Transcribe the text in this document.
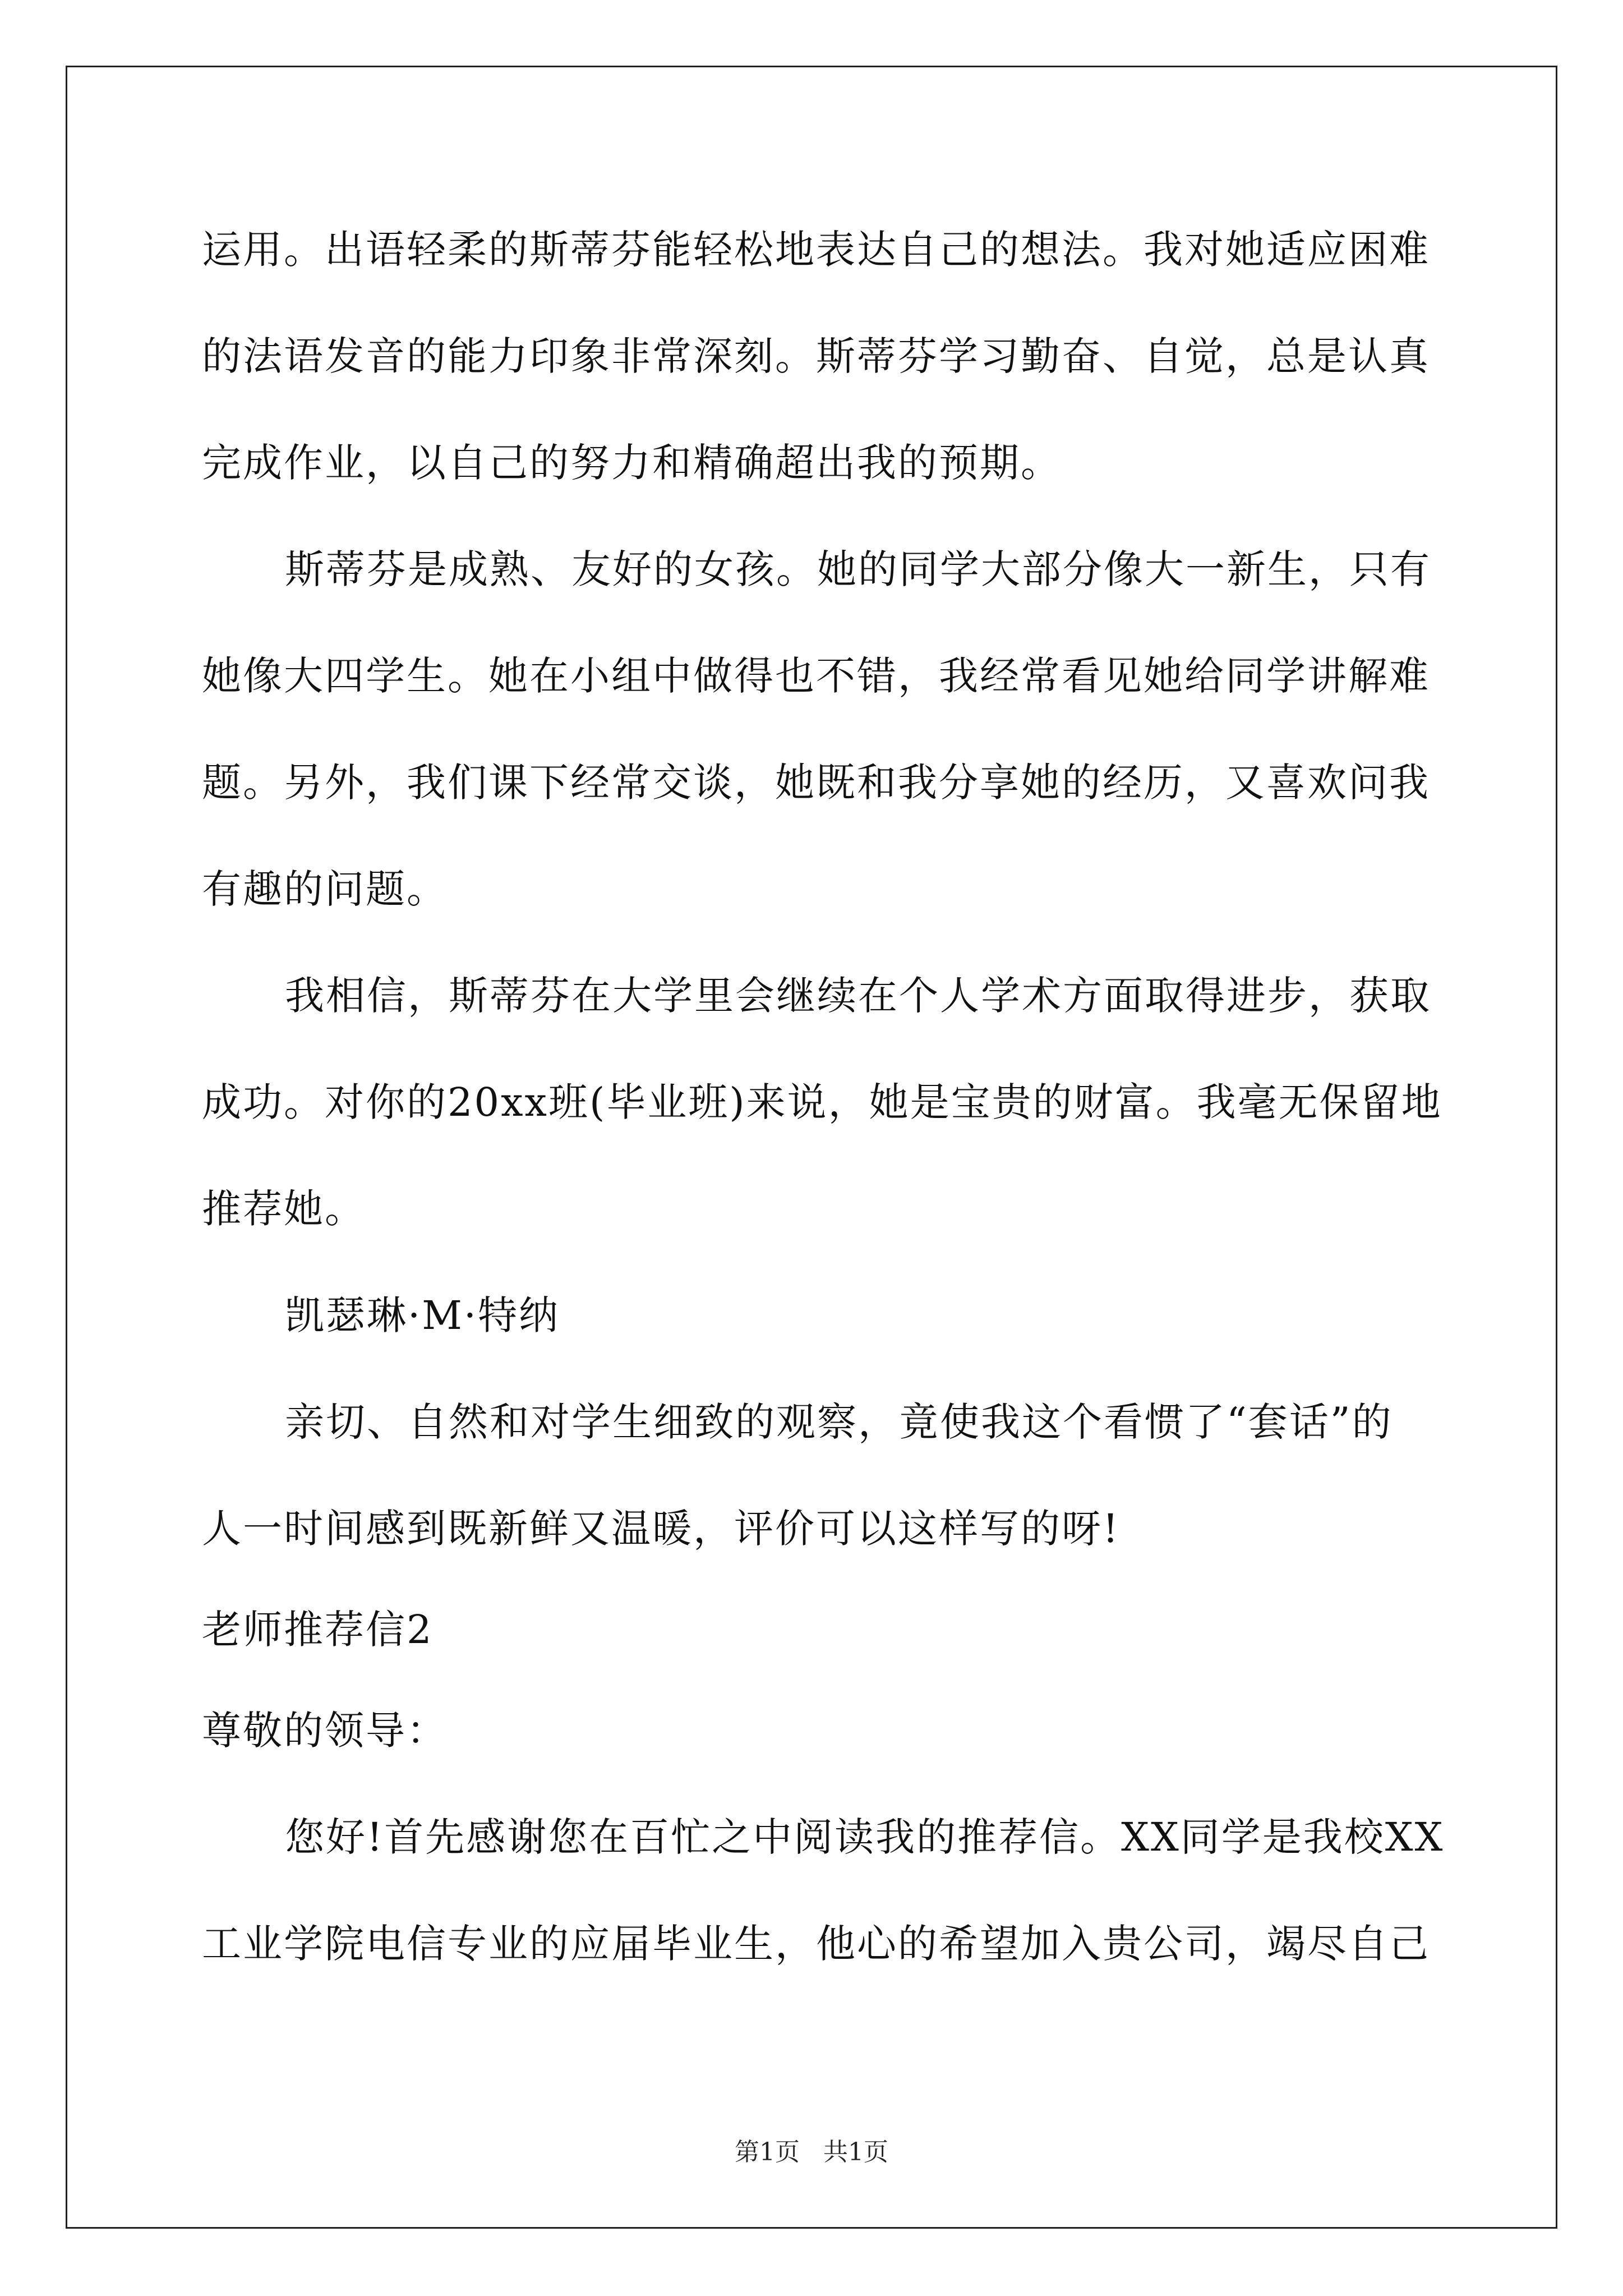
运用。出语轻柔的斯蒂芬能轻松地表达自己的想法。我对她适应困难
的法语发音的能力印象非常深刻。斯蒂芬学习勤奋、自觉，总是认真
完成作业，以自己的努力和精确超出我的预期。
斯蒂芬是成熟、友好的女孩。她的同学大部分像大一新生，只有
她像大四学生。她在小组中做得也不错，我经常看见她给同学讲解难
题。另外，我们课下经常交谈，她既和我分享她的经历，又喜欢问我
有趣的问题。
我相信，斯蒂芬在大学里会继续在个人学术方面取得进步，获取
成功。对你的20xx班(毕业班)来说，她是宝贵的财富。我毫无保留地
推荐她。
凯瑟琳·M·特纳
亲切、自然和对学生细致的观察，竟使我这个看惯了“套话”的
人一时间感到既新鲜又温暖，评价可以这样写的呀!
老师推荐信2
尊敬的领导：
您好!首先感谢您在百忙之中阅读我的推荐信。XX同学是我校XX
工业学院电信专业的应届毕业生，他心的希望加入贵公司，竭尽自己
第1页   共1页
